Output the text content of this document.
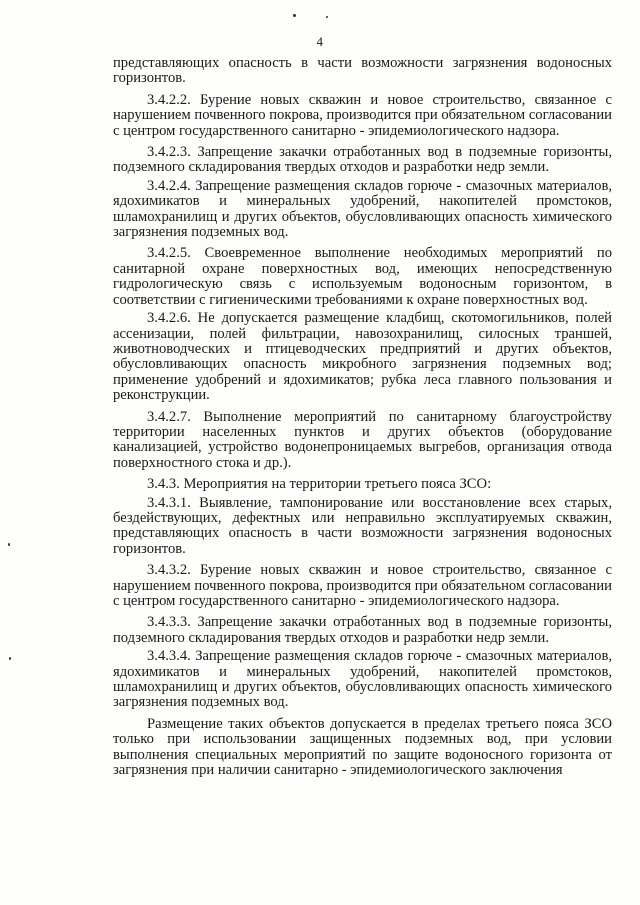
4

представляющих опасность в части возможности загрязнения водоносных горизонтов.

3.4.2.2. Бурение новых скважин и новое строительство, связанное с нарушением почвенного покрова, производится при обязательном согласовании с центром государственного санитарно - эпидемиологического надзора.

3.4.2.3. Запрещение закачки отработанных вод в подземные горизонты, подземного складирования твердых отходов и разработки недр земли.

3.4.2.4. Запрещение размещения складов горюче - смазочных материалов, ядохимикатов и минеральных удобрений, накопителей промстоков, шламохранилищ и других объектов, обусловливающих опасность химического загрязнения подземных вод.

3.4.2.5. Своевременное выполнение необходимых мероприятий по санитарной охране поверхностных вод, имеющих непосредственную гидрологическую связь с используемым водоносным горизонтом, в соответствии с гигиеническими требованиями к охране поверхностных вод.

3.4.2.6. Не допускается размещение кладбищ, скотомогильников, полей ассенизации, полей фильтрации, навозохранилищ, силосных траншей, животноводческих и птицеводческих предприятий и других объектов, обусловливающих опасность микробного загрязнения подземных вод; применение удобрений и ядохимикатов; рубка леса главного пользования и реконструкции.

3.4.2.7. Выполнение мероприятий по санитарному благоустройству территории населенных пунктов и других объектов (оборудование канализацией, устройство водонепроницаемых выгребов, организация отвода поверхностного стока и др.).

3.4.3. Мероприятия на территории третьего пояса ЗСО:

3.4.3.1. Выявление, тампонирование или восстановление всех старых, бездействующих, дефектных или неправильно эксплуатируемых скважин, представляющих опасность в части возможности загрязнения водоносных горизонтов.

3.4.3.2. Бурение новых скважин и новое строительство, связанное с нарушением почвенного покрова, производится при обязательном согласовании с центром государственного санитарно - эпидемиологического надзора.

3.4.3.3. Запрещение закачки отработанных вод в подземные горизонты, подземного складирования твердых отходов и разработки недр земли.

3.4.3.4. Запрещение размещения складов горюче - смазочных материалов, ядохимикатов и минеральных удобрений, накопителей промстоков, шламохранилищ и других объектов, обусловливающих опасность химического загрязнения подземных вод.

Размещение таких объектов допускается в пределах третьего пояса ЗСО только при использовании защищенных подземных вод, при условии выполнения специальных мероприятий по защите водоносного горизонта от загрязнения при наличии санитарно - эпидемиологического заключения
